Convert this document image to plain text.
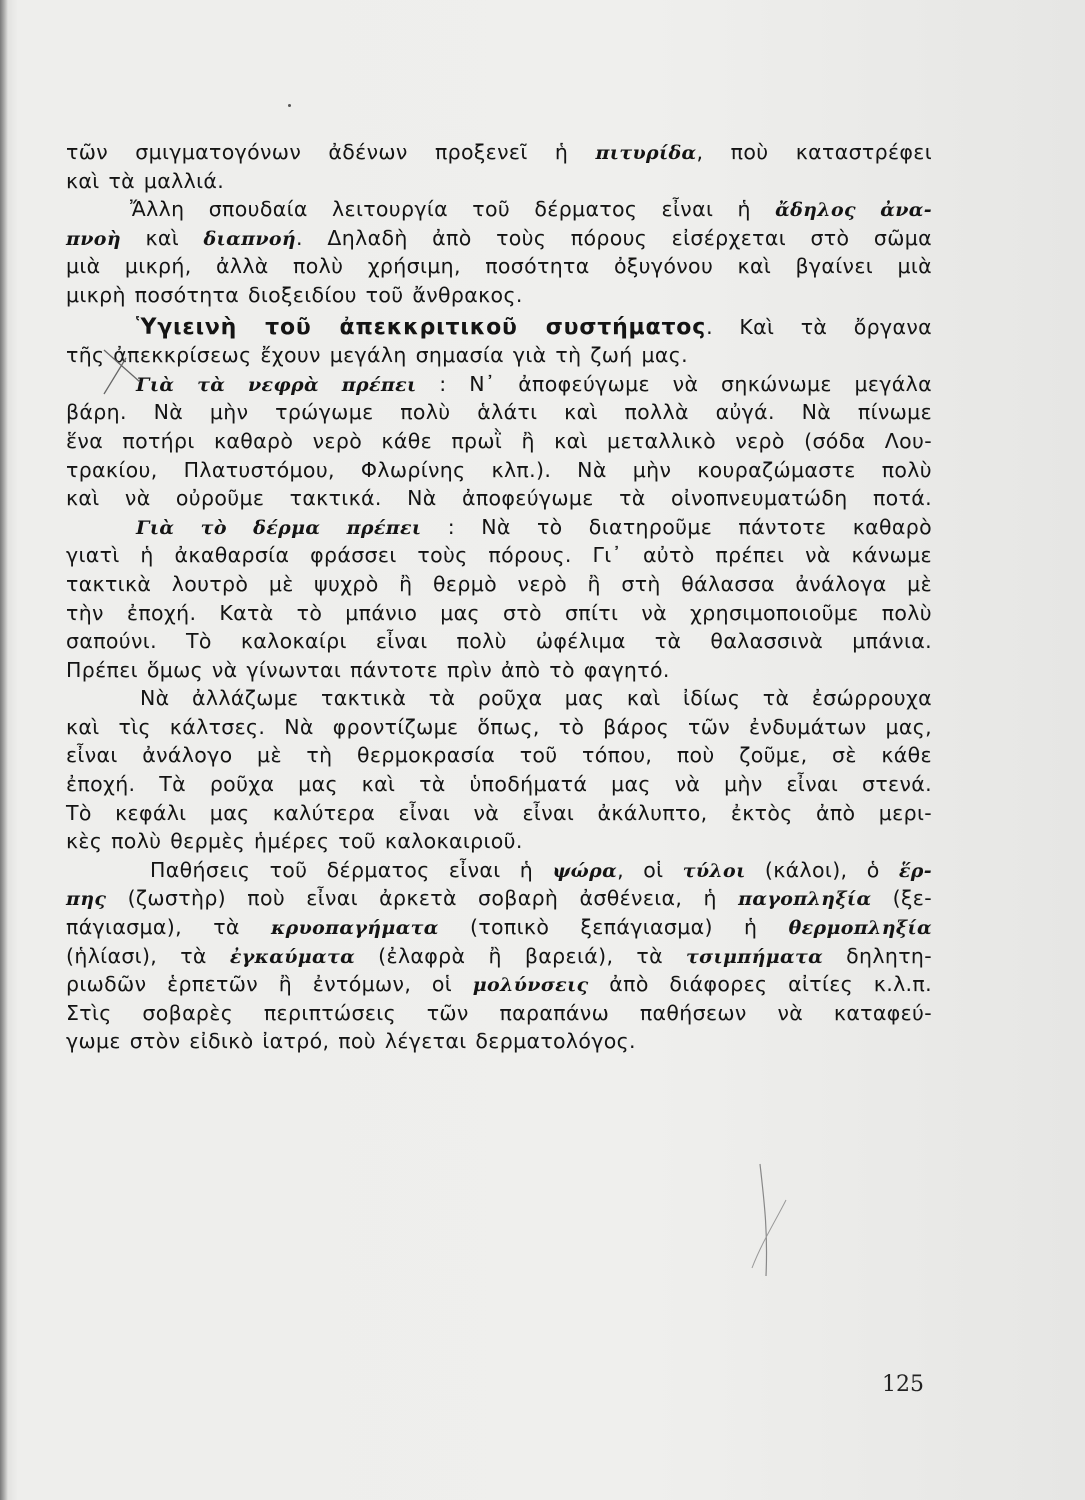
τῶν σμιγματογόνων ἀδένων προξενεῖ ἡ πιτυρίδα, ποὺ καταστρέφει
καὶ τὰ μαλλιά.
Ἄλλη σπουδαία λειτουργία τοῦ δέρματος εἶναι ἡ ἄδηλος ἀνα-
πνοὴ καὶ διαπνοή. Δηλαδὴ ἀπὸ τοὺς πόρους εἰσέρχεται στὸ σῶμα
μιὰ μικρή, ἀλλὰ πολὺ χρήσιμη, ποσότητα ὀξυγόνου καὶ βγαίνει μιὰ
μικρὴ ποσότητα διοξειδίου τοῦ ἄνθρακος.
Ὑγιεινὴ τοῦ ἀπεκκριτικοῦ συστήματος. Καὶ τὰ ὄργανα
τῆς ἀπεκκρίσεως ἔχουν μεγάλη σημασία γιὰ τὴ ζωή μας.
Γιὰ τὰ νεφρὰ πρέπει : Ν᾽ ἀποφεύγωμε νὰ σηκώνωμε μεγάλα
βάρη. Νὰ μὴν τρώγωμε πολὺ ἁλάτι καὶ πολλὰ αὐγά. Νὰ πίνωμε
ἕνα ποτήρι καθαρὸ νερὸ κάθε πρωῒ ἢ καὶ μεταλλικὸ νερὸ (σόδα Λου-
τρακίου, Πλατυστόμου, Φλωρίνης κλπ.). Νὰ μὴν κουραζώμαστε πολὺ
καὶ νὰ οὐροῦμε τακτικά. Νὰ ἀποφεύγωμε τὰ οἰνοπνευματώδη ποτά.
Γιὰ τὸ δέρμα πρέπει : Νὰ τὸ διατηροῦμε πάντοτε καθαρὸ
γιατὶ ἡ ἀκαθαρσία φράσσει τοὺς πόρους. Γι᾽ αὐτὸ πρέπει νὰ κάνωμε
τακτικὰ λουτρὸ μὲ ψυχρὸ ἢ θερμὸ νερὸ ἢ στὴ θάλασσα ἀνάλογα μὲ
τὴν ἐποχή. Κατὰ τὸ μπάνιο μας στὸ σπίτι νὰ χρησιμοποιοῦμε πολὺ
σαπούνι. Τὸ καλοκαίρι εἶναι πολὺ ὠφέλιμα τὰ θαλασσινὰ μπάνια.
Πρέπει ὅμως νὰ γίνωνται πάντοτε πρὶν ἀπὸ τὸ φαγητό.
Νὰ ἀλλάζωμε τακτικὰ τὰ ροῦχα μας καὶ ἰδίως τὰ ἐσώρρουχα
καὶ τὶς κάλτσες. Νὰ φροντίζωμε ὅπως, τὸ βάρος τῶν ἐνδυμάτων μας,
εἶναι ἀνάλογο μὲ τὴ θερμοκρασία τοῦ τόπου, ποὺ ζοῦμε, σὲ κάθε
ἐποχή. Τὰ ροῦχα μας καὶ τὰ ὑποδήματά μας νὰ μὴν εἶναι στενά.
Τὸ κεφάλι μας καλύτερα εἶναι νὰ εἶναι ἀκάλυπτο, ἐκτὸς ἀπὸ μερι-
κὲς πολὺ θερμὲς ἡμέρες τοῦ καλοκαιριοῦ.
Παθήσεις τοῦ δέρματος εἶναι ἡ ψώρα, οἱ τύλοι (κάλοι), ὁ ἕρ-
πης (ζωστὴρ) ποὺ εἶναι ἀρκετὰ σοβαρὴ ἀσθένεια, ἡ παγοπληξία (ξε-
πάγιασμα), τὰ κρυοπαγήματα (τοπικὸ ξεπάγιασμα) ἡ θερμοπληξία
(ἡλίασι), τὰ ἐγκαύματα (ἐλαφρὰ ἢ βαρειά), τὰ τσιμπήματα δηλητη-
ριωδῶν ἑρπετῶν ἢ ἐντόμων, οἱ μολύνσεις ἀπὸ διάφορες αἰτίες κ.λ.π.
Στὶς σοβαρὲς περιπτώσεις τῶν παραπάνω παθήσεων νὰ καταφεύ-
γωμε στὸν εἰδικὸ ἰατρό, ποὺ λέγεται δερματολόγος.
125
